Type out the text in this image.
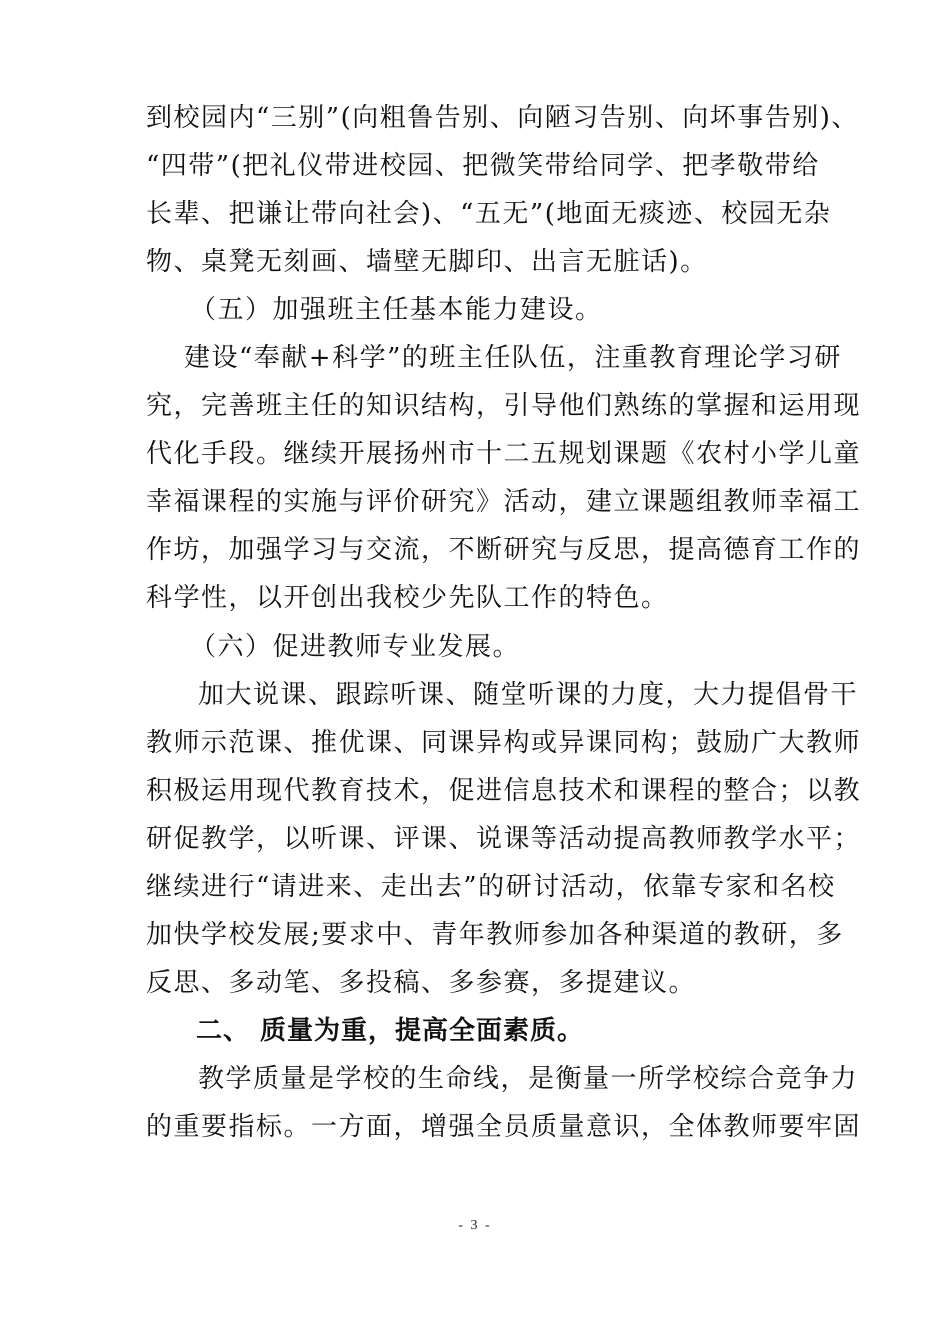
到校园内“三别”(向粗鲁告别、向陋习告别、向坏事告别)、

“四带”(把礼仪带进校园、把微笑带给同学、把孝敬带给

长辈、把谦让带向社会)、“五无”(地面无痰迹、校园无杂

物、桌凳无刻画、墙壁无脚印、出言无脏话)。

（五）加强班主任基本能力建设。

建设“奉献+科学”的班主任队伍，注重教育理论学习研

究，完善班主任的知识结构，引导他们熟练的掌握和运用现

代化手段。继续开展扬州市十二五规划课题《农村小学儿童

幸福课程的实施与评价研究》活动，建立课题组教师幸福工

作坊，加强学习与交流，不断研究与反思，提高德育工作的

科学性，以开创出我校少先队工作的特色。

（六）促进教师专业发展。

加大说课、跟踪听课、随堂听课的力度，大力提倡骨干

教师示范课、推优课、同课异构或异课同构；鼓励广大教师

积极运用现代教育技术，促进信息技术和课程的整合；以教

研促教学，以听课、评课、说课等活动提高教师教学水平；

继续进行“请进来、走出去”的研讨活动，依靠专家和名校

加快学校发展;要求中、青年教师参加各种渠道的教研，多

反思、多动笔、多投稿、多参赛，多提建议。

二、 质量为重，提高全面素质。

教学质量是学校的生命线，是衡量一所学校综合竞争力

的重要指标。一方面，增强全员质量意识，全体教师要牢固

- 3 -
